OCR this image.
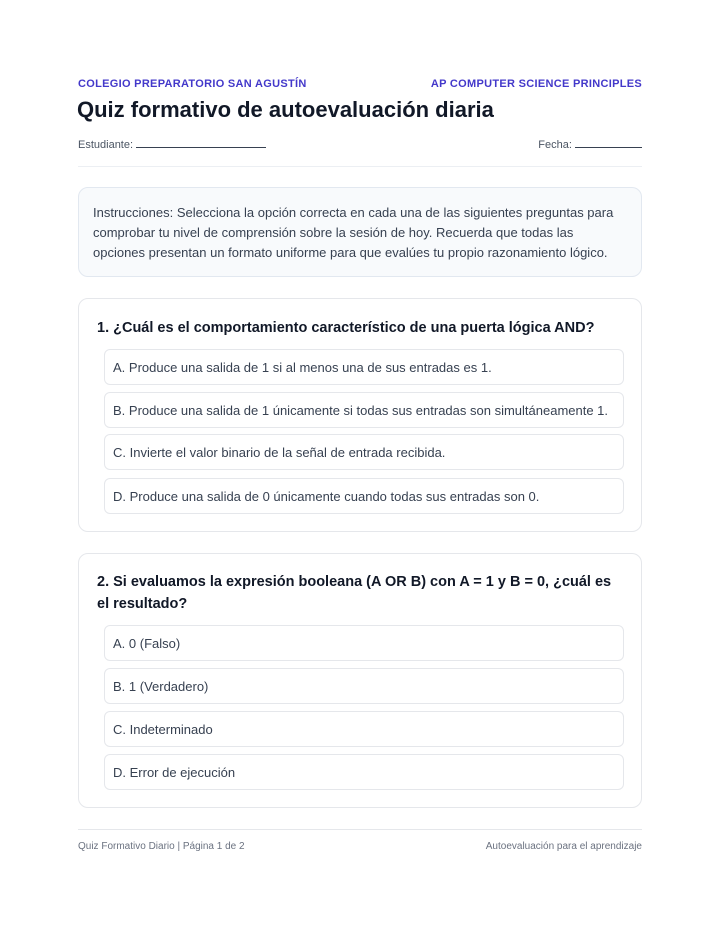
COLEGIO PREPARATORIO SAN AGUSTÍN	AP COMPUTER SCIENCE PRINCIPLES
Quiz formativo de autoevaluación diaria
Estudiante:	Fecha:
Instrucciones: Selecciona la opción correcta en cada una de las siguientes preguntas para comprobar tu nivel de comprensión sobre la sesión de hoy. Recuerda que todas las opciones presentan un formato uniforme para que evalúes tu propio razonamiento lógico.

1. ¿Cuál es el comportamiento característico de una puerta lógica AND?

A. Produce una salida de 1 si al menos una de sus entradas es 1.
B. Produce una salida de 1 únicamente si todas sus entradas son simultáneamente 1.
C. Invierte el valor binario de la señal de entrada recibida.
D. Produce una salida de 0 únicamente cuando todas sus entradas son 0.

2. Si evaluamos la expresión booleana (A OR B) con A = 1 y B = 0, ¿cuál es el resultado?

A. 0 (Falso)
B. 1 (Verdadero)
C. Indeterminado
D. Error de ejecución
Quiz Formativo Diario | Página 1 de 2	Autoevaluación para el aprendizaje
